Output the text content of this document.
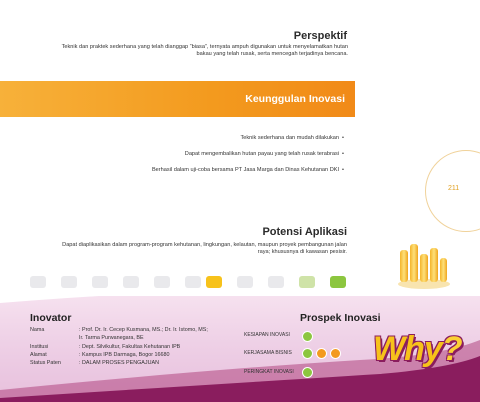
Perspektif
Teknik dan praktek sederhana yang telah dianggap “biasa”, ternyata ampuh digunakan untuk menyelamatkan hutan bakau yang telah rusak, serta mencegah terjadinya bencana.
Keunggulan Inovasi
Teknik sederhana dan mudah dilakukan •
Dapat mengembalikan hutan payau yang telah rusak terabrasi •
Berhasil dalam uji-coba bersama PT Jasa Marga dan Dinas Kehutanan DKI •
211
Potensi Aplikasi
Dapat diaplikasikan dalam program-program kehutanan, lingkungan, kelautan, maupun proyek pembangunan jalan raya; khususnya di kawasan pesisir.
Inovator
Nama	: Prof. Dr. Ir. Cecep Kusmana, MS.; Dr. Ir. Istomo, MS;
Ir. Tarma Purwanegara, BE
Institusi	: Dept. Silvikultur, Fakultas Kehutanan IPB
Alamat	: Kampus IPB Darmaga, Bogor 16680
Status Paten	: DALAM PROSES PENGAJUAN
Prospek Inovasi
KESIAPAN INOVASI
KERJASAMA BISNIS
PERINGKAT INOVASI
Why?
